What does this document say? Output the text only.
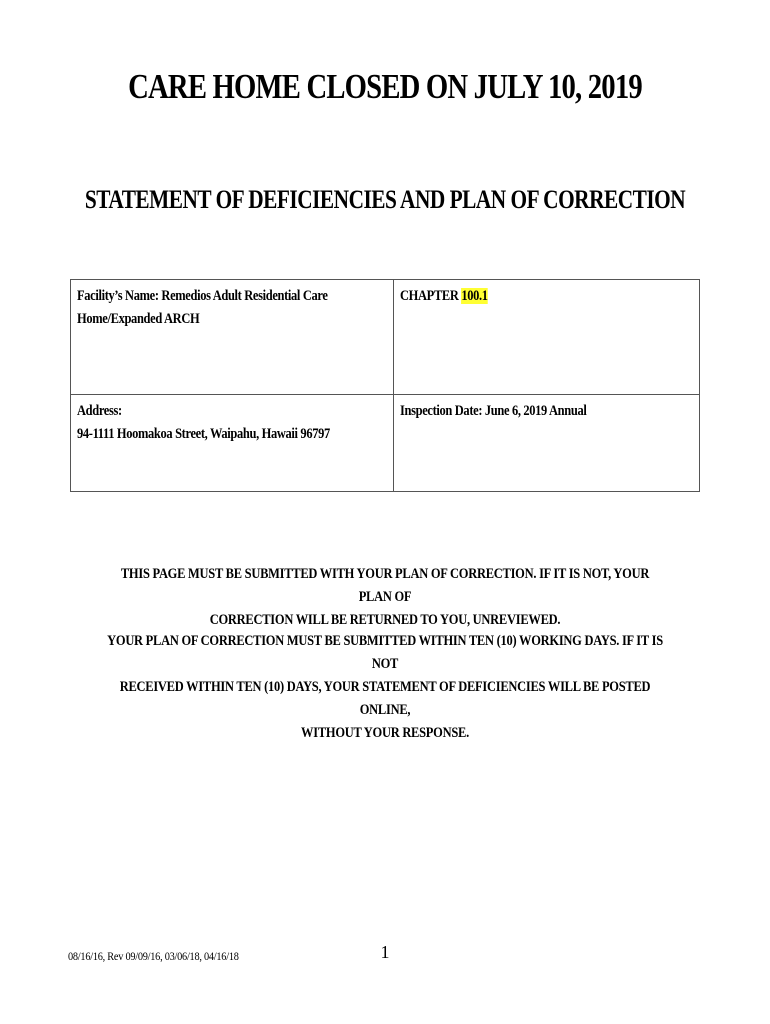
CARE HOME CLOSED ON JULY 10, 2019
STATEMENT OF DEFICIENCIES AND PLAN OF CORRECTION
Facility’s Name: Remedios Adult Residential Care
Home/Expanded ARCH	CHAPTER 100.1

Address:
94-1111 Hoomakoa Street, Waipahu, Hawaii 96797	Inspection Date: June 6, 2019 Annual
THIS PAGE MUST BE SUBMITTED WITH YOUR PLAN OF CORRECTION. IF IT IS NOT, YOUR PLAN OF
CORRECTION WILL BE RETURNED TO YOU, UNREVIEWED.
YOUR PLAN OF CORRECTION MUST BE SUBMITTED WITHIN TEN (10) WORKING DAYS. IF IT IS NOT
RECEIVED WITHIN TEN (10) DAYS, YOUR STATEMENT OF DEFICIENCIES WILL BE POSTED ONLINE,
WITHOUT YOUR RESPONSE.
08/16/16, Rev 09/09/16, 03/06/18, 04/16/18	1
